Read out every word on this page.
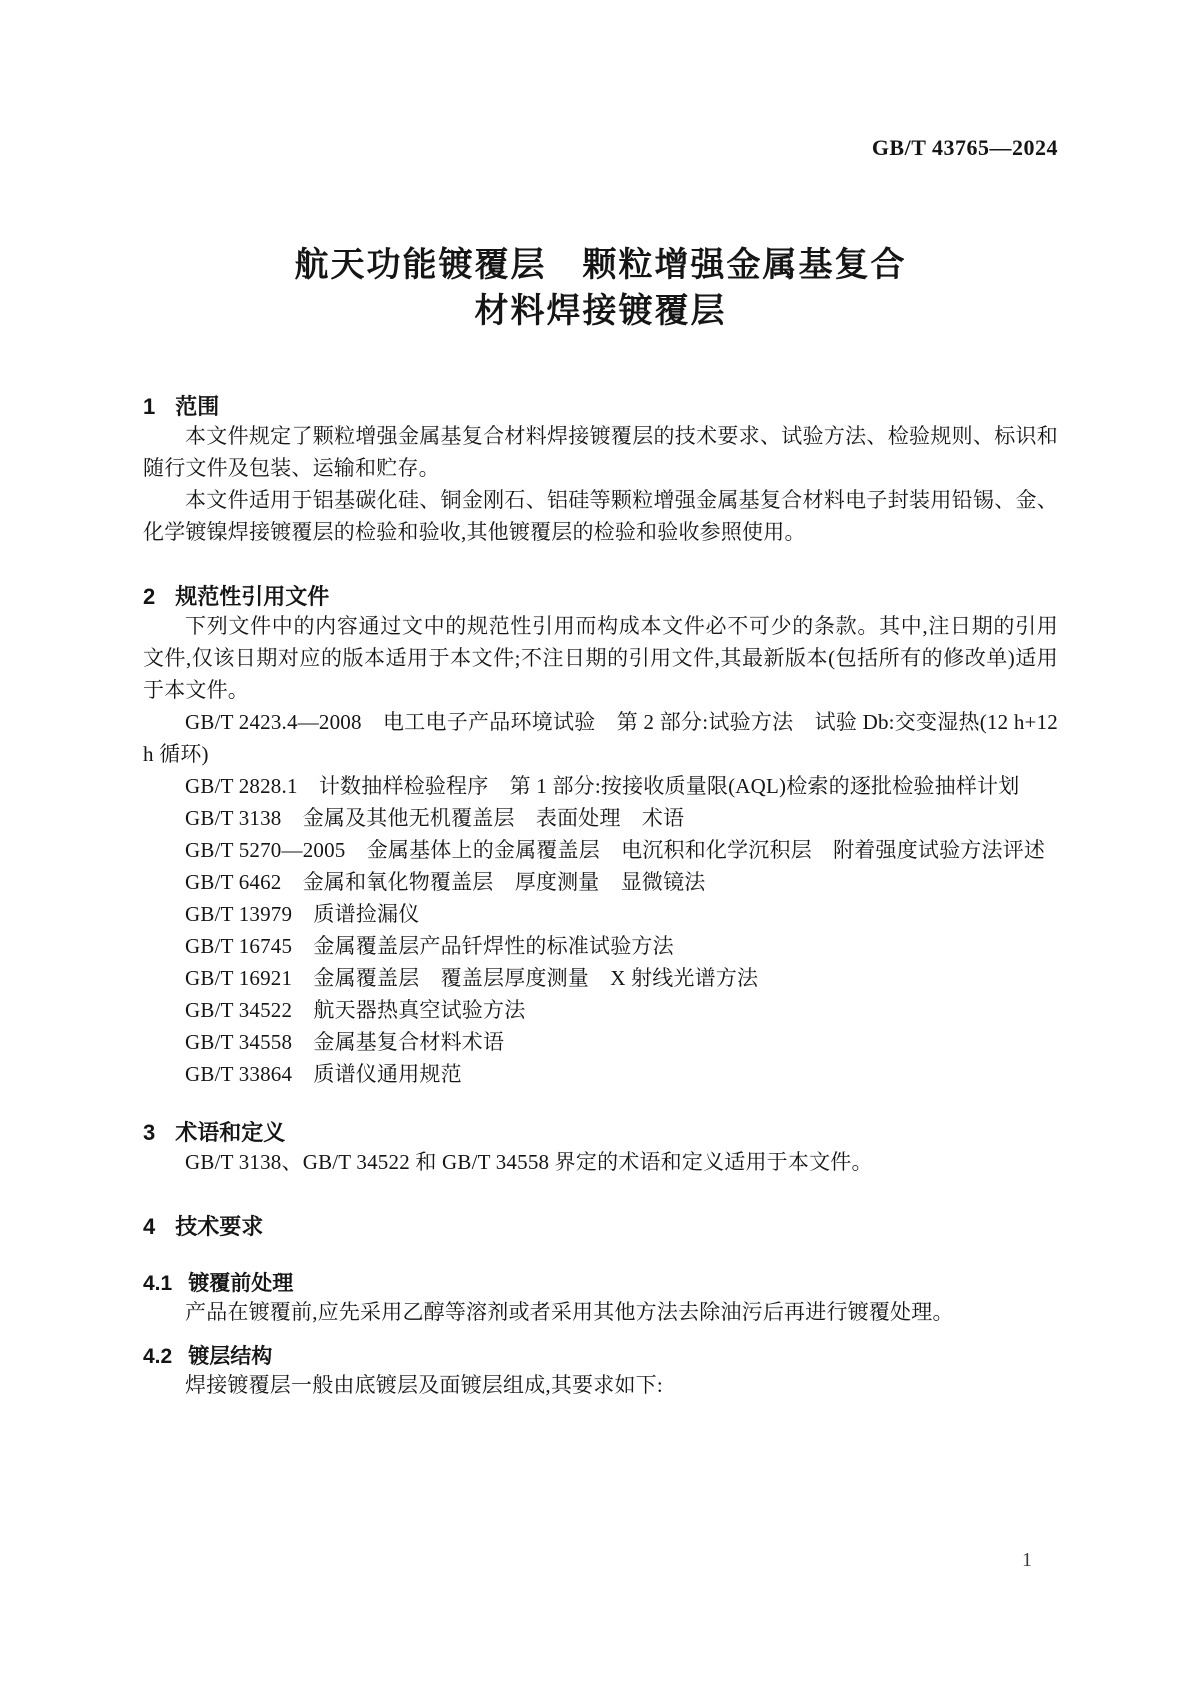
GB/T 43765—2024
航天功能镀覆层　颗粒增强金属基复合
材料焊接镀覆层
1 范围

本文件规定了颗粒增强金属基复合材料焊接镀覆层的技术要求、试验方法、检验规则、标识和随行文件及包装、运输和贮存。

本文件适用于铝基碳化硅、铜金刚石、铝硅等颗粒增强金属基复合材料电子封装用铅锡、金、化学镀镍焊接镀覆层的检验和验收,其他镀覆层的检验和验收参照使用。

2 规范性引用文件

下列文件中的内容通过文中的规范性引用而构成本文件必不可少的条款。其中,注日期的引用文件,仅该日期对应的版本适用于本文件;不注日期的引用文件,其最新版本(包括所有的修改单)适用于本文件。

GB/T 2423.4—2008　电工电子产品环境试验　第 2 部分:试验方法　试验 Db:交变湿热(12 h+12 h 循环)

GB/T 2828.1　计数抽样检验程序　第 1 部分:按接收质量限(AQL)检索的逐批检验抽样计划

GB/T 3138　金属及其他无机覆盖层　表面处理　术语

GB/T 5270—2005　金属基体上的金属覆盖层　电沉积和化学沉积层　附着强度试验方法评述

GB/T 6462　金属和氧化物覆盖层　厚度测量　显微镜法

GB/T 13979　质谱捡漏仪

GB/T 16745　金属覆盖层产品钎焊性的标准试验方法

GB/T 16921　金属覆盖层　覆盖层厚度测量　X 射线光谱方法

GB/T 34522　航天器热真空试验方法

GB/T 34558　金属基复合材料术语

GB/T 33864　质谱仪通用规范

3 术语和定义

GB/T 3138、GB/T 34522 和 GB/T 34558 界定的术语和定义适用于本文件。

4 技术要求
4.1 镀覆前处理

产品在镀覆前,应先采用乙醇等溶剂或者采用其他方法去除油污后再进行镀覆处理。

4.2 镀层结构

焊接镀覆层一般由底镀层及面镀层组成,其要求如下:

1
